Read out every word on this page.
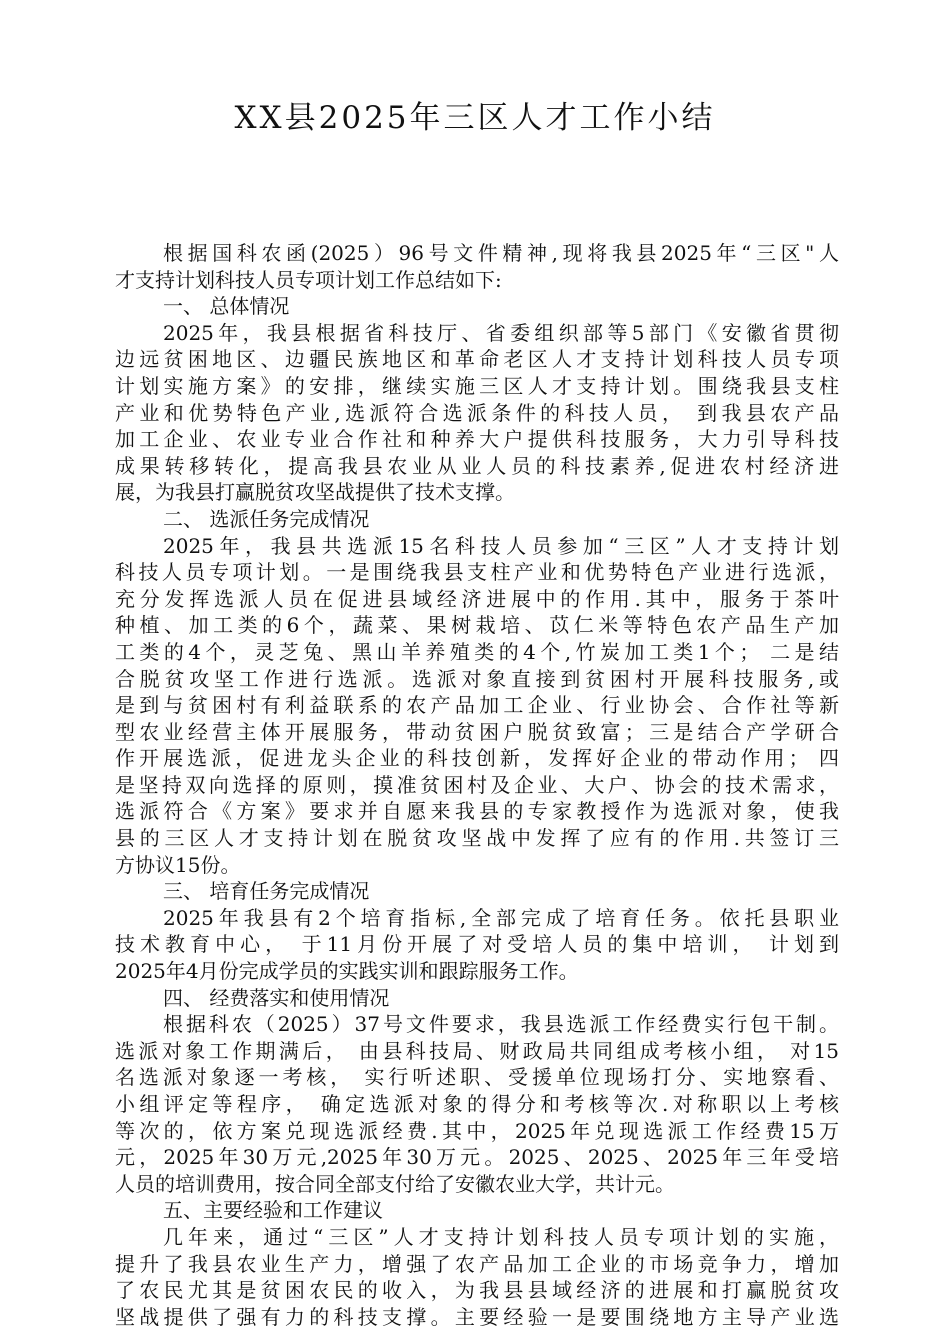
XX县2025年三区人才工作小结
根据国科农函(2025）96号文件精神,现将我县2025年“三区"人
才支持计划科技人员专项计划工作总结如下:
一、 总体情况
2025年，我县根据省科技厅、省委组织部等5部门《安徽省贯彻
边远贫困地区、边疆民族地区和革命老区人才支持计划科技人员专项
计划实施方案》的安排，继续实施三区人才支持计划。围绕我县支柱
产业和优势特色产业,选派符合选派条件的科技人员， 到我县农产品
加工企业、农业专业合作社和种养大户提供科技服务，大力引导科技
成果转移转化，提高我县农业从业人员的科技素养,促进农村经济进
展，为我县打赢脱贫攻坚战提供了技术支撑。
二、 选派任务完成情况
2025年，我县共选派15名科技人员参加“三区”人才支持计划
科技人员专项计划。一是围绕我县支柱产业和优势特色产业进行选派，
充分发挥选派人员在促进县域经济进展中的作用.其中，服务于茶叶
种植、加工类的6个，蔬菜、果树栽培、苡仁米等特色农产品生产加
工类的4个，灵芝兔、黑山羊养殖类的4个,竹炭加工类1个； 二是结
合脱贫攻坚工作进行选派。选派对象直接到贫困村开展科技服务,或
是到与贫困村有利益联系的农产品加工企业、行业协会、合作社等新
型农业经营主体开展服务，带动贫困户脱贫致富；三是结合产学研合
作开展选派，促进龙头企业的科技创新，发挥好企业的带动作用； 四
是坚持双向选择的原则，摸准贫困村及企业、大户、协会的技术需求，
选派符合《方案》要求并自愿来我县的专家教授作为选派对象，使我
县的三区人才支持计划在脱贫攻坚战中发挥了应有的作用.共签订三
方协议15份。
三、 培育任务完成情况
2025年我县有2个培育指标,全部完成了培育任务。依托县职业
技术教育中心， 于11月份开展了对受培人员的集中培训， 计划到
2025年4月份完成学员的实践实训和跟踪服务工作。
四、 经费落实和使用情况
根据科农（2025）37号文件要求，我县选派工作经费实行包干制。
选派对象工作期满后， 由县科技局、财政局共同组成考核小组， 对15
名选派对象逐一考核， 实行听述职、受援单位现场打分、实地察看、
小组评定等程序， 确定选派对象的得分和考核等次.对称职以上考核
等次的，依方案兑现选派经费.其中，2025年兑现选派工作经费15万
元，2025年30万元,2025年30万元。2025、2025、2025年三年受培
人员的培训费用，按合同全部支付给了安徽农业大学，共计元。
五、主要经验和工作建议
几年来，通过“三区”人才支持计划科技人员专项计划的实施，
提升了我县农业生产力，增强了农产品加工企业的市场竞争力，增加
了农民尤其是贫困农民的收入，为我县县域经济的进展和打赢脱贫攻
坚战提供了强有力的科技支撑。主要经验一是要围绕地方主导产业选
